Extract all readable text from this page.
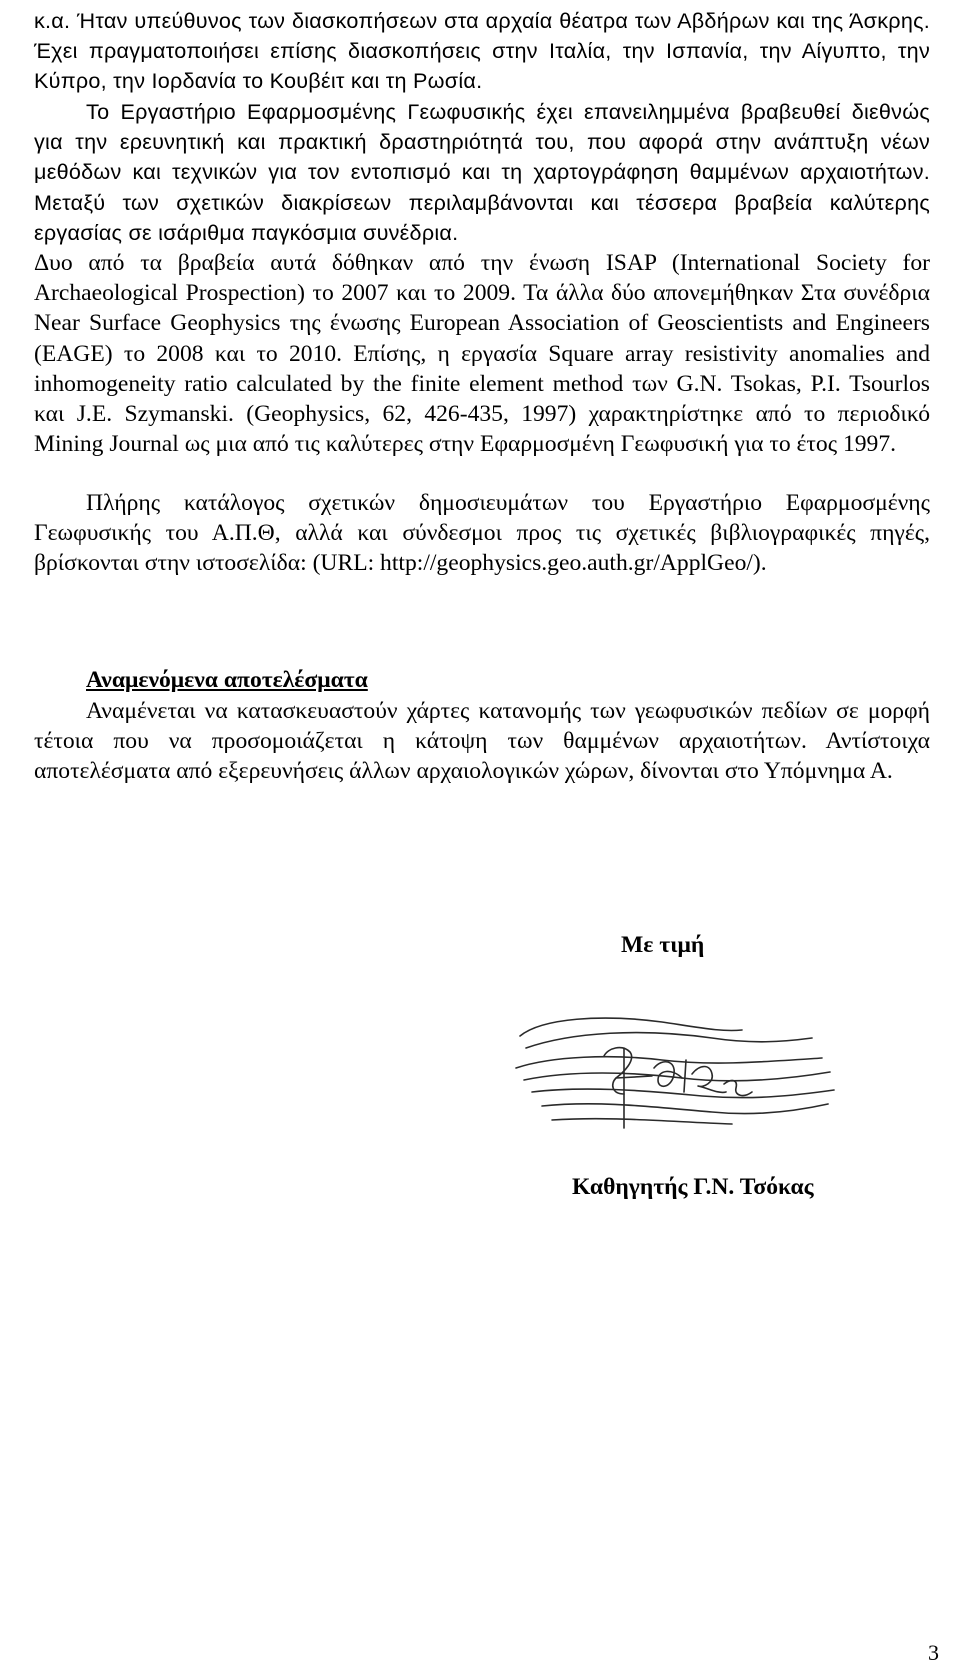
κ.α. Ήταν υπεύθυνος των διασκοπήσεων στα αρχαία θέατρα των Αβδήρων και της Άσκρης. Έχει πραγματοποιήσει επίσης διασκοπήσεις στην Ιταλία, την Ισπανία, την Αίγυπτο, την Κύπρο, την Ιορδανία το Κουβέιτ και τη Ρωσία.

Το Εργαστήριο Εφαρμοσμένης Γεωφυσικής έχει επανειλημμένα βραβευθεί διεθνώς για την ερευνητική και πρακτική δραστηριότητά του, που αφορά στην ανάπτυξη νέων μεθόδων και τεχνικών για τον εντοπισμό και τη χαρτογράφηση θαμμένων αρχαιοτήτων. Μεταξύ των σχετικών διακρίσεων περιλαμβάνονται και τέσσερα βραβεία καλύτερης εργασίας σε ισάριθμα παγκόσμια συνέδρια.

Δυο από τα βραβεία αυτά δόθηκαν από την ένωση ISAP (International Society for Archaeological Prospection) το 2007 και το 2009. Τα άλλα δύο απονεμήθηκαν Στα συνέδρια Near Surface Geophysics της ένωσης European Association of Geoscientists and Engineers (EAGE) το 2008 και το 2010. Επίσης, η εργασία Square array resistivity anomalies and inhomogeneity ratio calculated by the finite element method των G.N. Tsokas, P.I. Tsourlos και J.E. Szymanski. (Geophysics, 62, 426-435, 1997) χαρακτηρίστηκε από το περιοδικό Mining Journal ως μια από τις καλύτερες στην Εφαρμοσμένη Γεωφυσική για το έτος 1997.

Πλήρης κατάλογος σχετικών δημοσιευμάτων του Εργαστήριο Εφαρμοσμένης Γεωφυσικής του Α.Π.Θ, αλλά και σύνδεσμοι προς τις σχετικές βιβλιογραφικές πηγές, βρίσκονται στην ιστοσελίδα: (URL: http://geophysics.geo.auth.gr/ApplGeo/).

Αναμενόμενα αποτελέσματα

Αναμένεται να κατασκευαστούν χάρτες κατανομής των γεωφυσικών πεδίων σε μορφή τέτοια που να προσομοιάζεται η κάτοψη των θαμμένων αρχαιοτήτων. Αντίστοιχα αποτελέσματα από εξερευνήσεις άλλων αρχαιολογικών χώρων, δίνονται στο Υπόμνημα Α.

Με τιμή
Καθηγητής Γ.Ν. Τσόκας
3
